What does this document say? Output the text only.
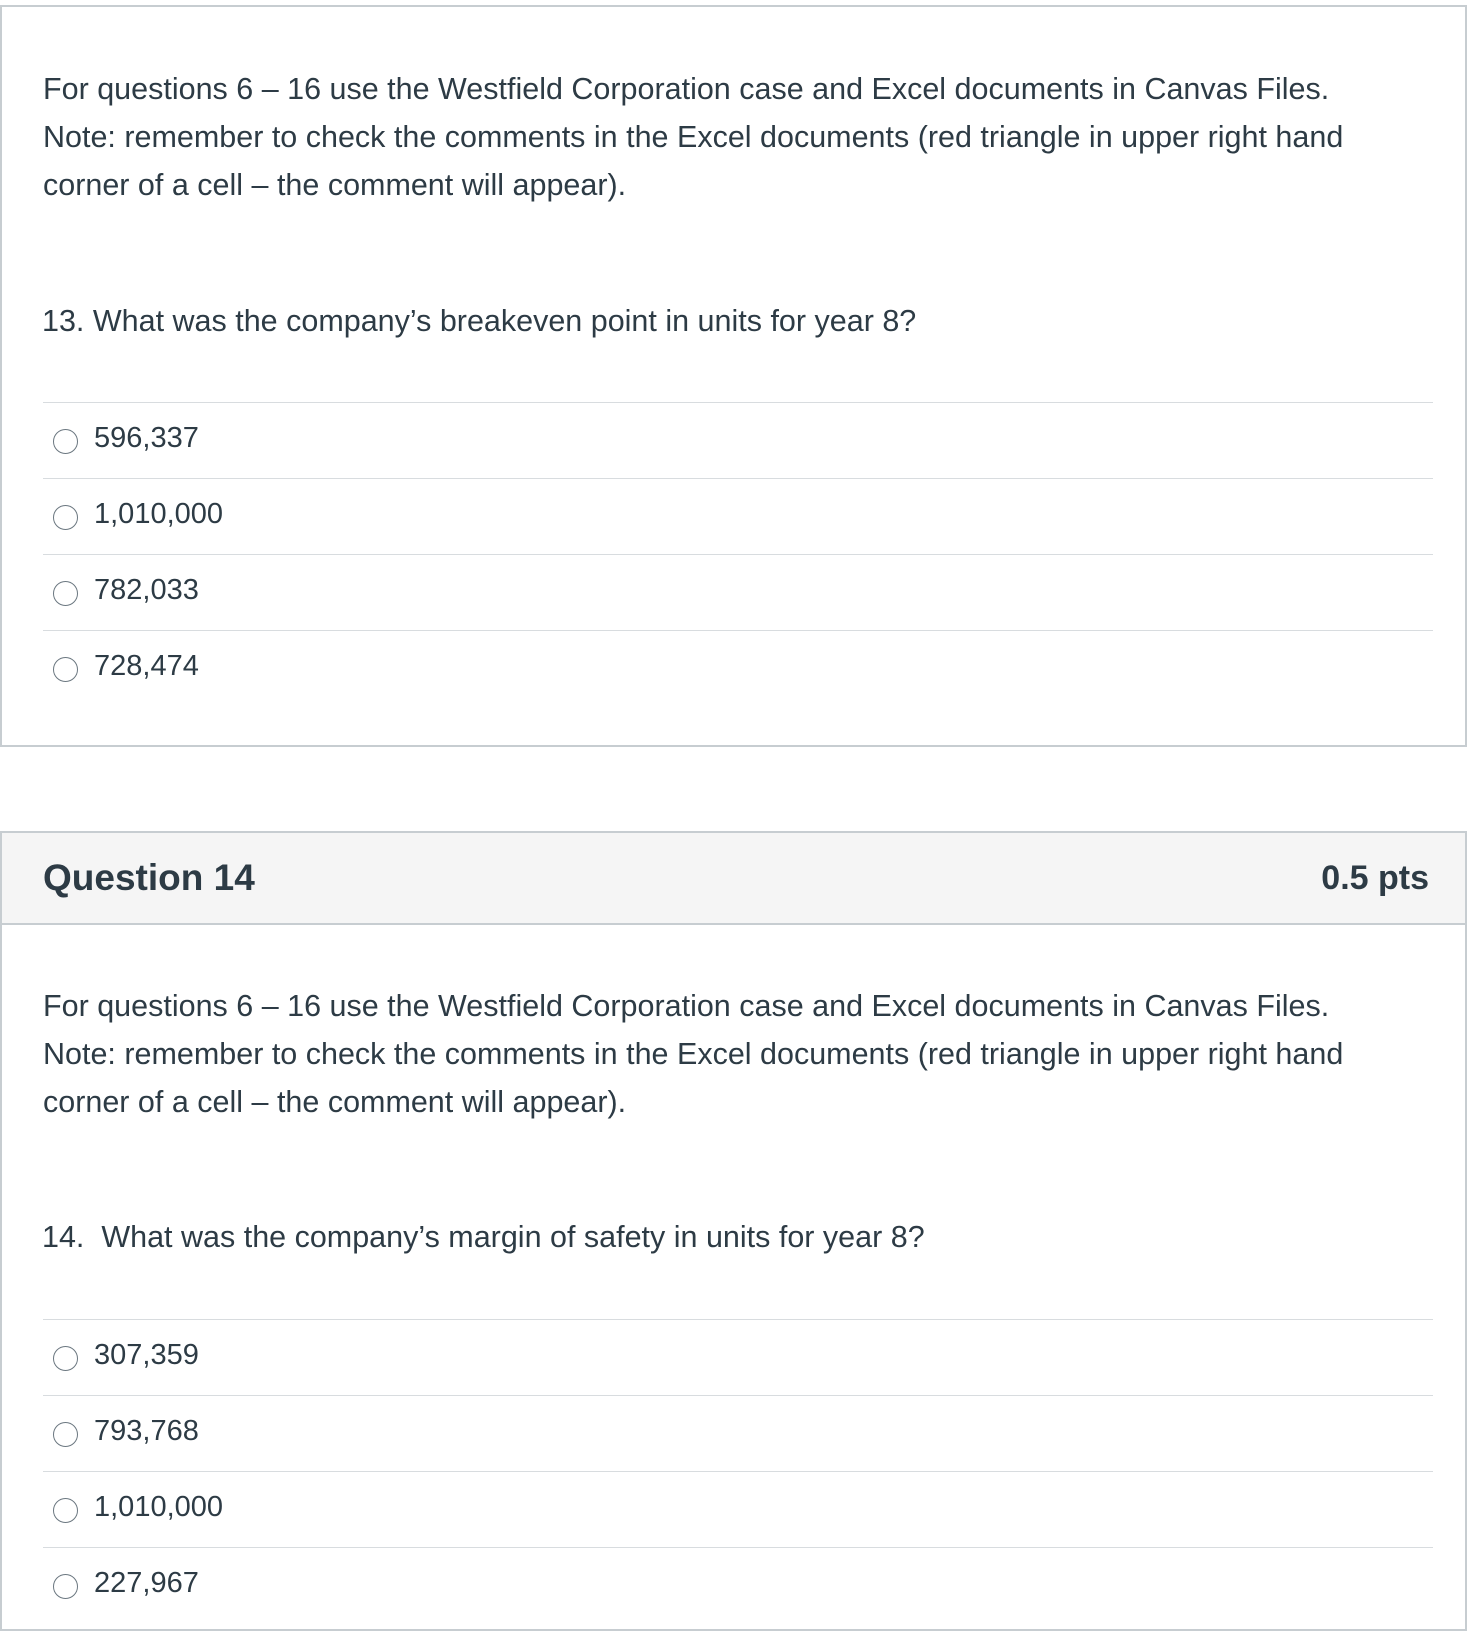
For questions 6 – 16 use the Westfield Corporation case and Excel documents in Canvas Files.
Note: remember to check the comments in the Excel documents (red triangle in upper right hand
corner of a cell – the comment will appear).
13. What was the company’s breakeven point in units for year 8?
596,337
1,010,000
782,033
728,474
Question 14	0.5 pts
For questions 6 – 16 use the Westfield Corporation case and Excel documents in Canvas Files.
Note: remember to check the comments in the Excel documents (red triangle in upper right hand
corner of a cell – the comment will appear).
14.  What was the company’s margin of safety in units for year 8?
307,359
793,768
1,010,000
227,967
